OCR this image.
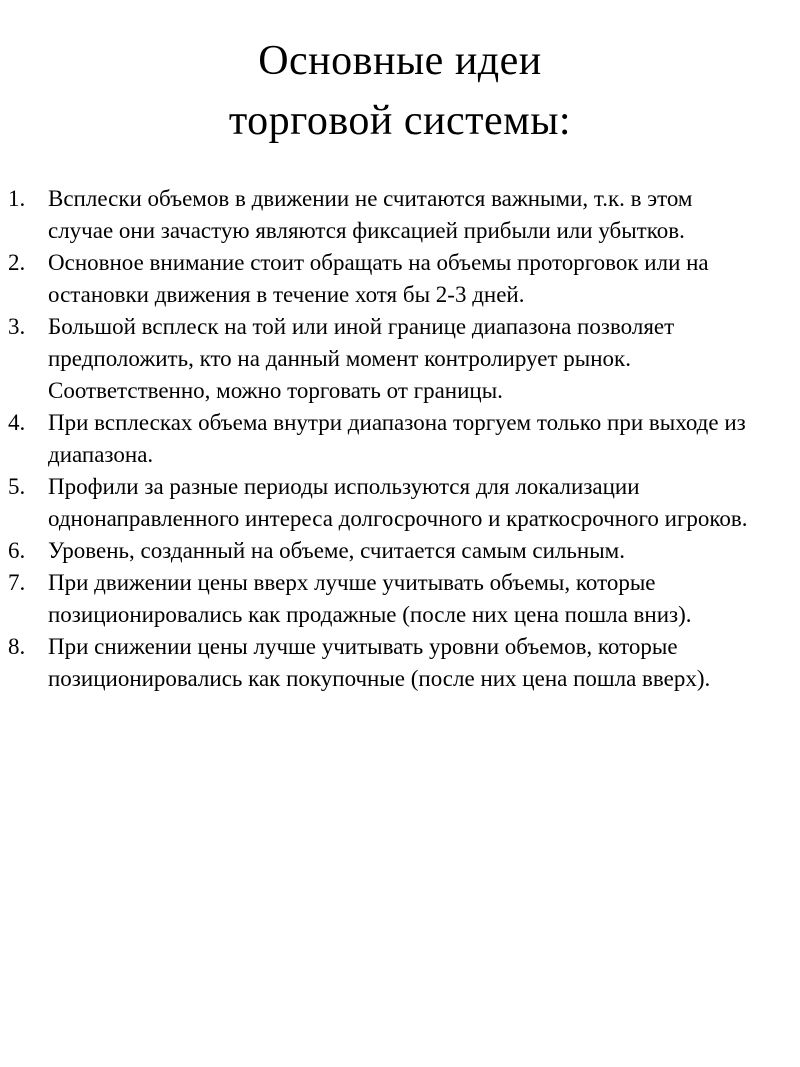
Основные идеи
торговой системы:
1. Всплески объемов в движении не считаются важными, т.к. в этом случае они зачастую являются фиксацией прибыли или убытков.
2. Основное внимание стоит обращать на объемы проторговок или на остановки движения в течение хотя бы 2-3 дней.
3. Большой всплеск на той или иной границе диапазона позволяет предположить, кто на данный момент контролирует рынок. Соответственно, можно торговать от границы.
4. При всплесках объема внутри диапазона торгуем только при выходе из диапазона.
5. Профили за разные периоды используются для локализации однонаправленного интереса долгосрочного и краткосрочного игроков.
6. Уровень, созданный на объеме, считается самым сильным.
7. При движении цены вверх лучше учитывать объемы, которые позиционировались как продажные (после них цена пошла вниз).
8. При снижении цены лучше учитывать уровни объемов, которые позиционировались как покупочные (после них цена пошла вверх).
